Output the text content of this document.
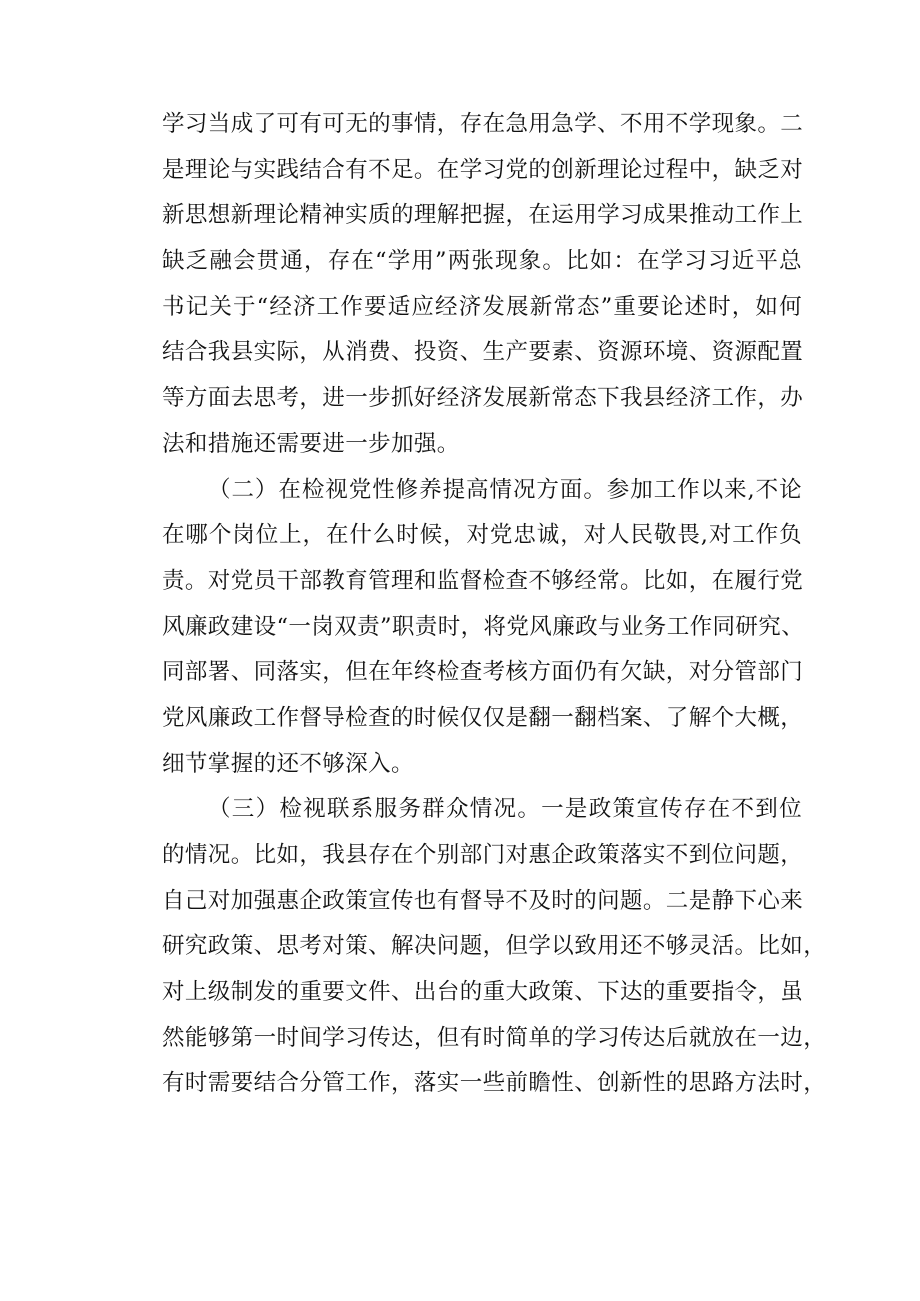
学习当成了可有可无的事情，存在急用急学、不用不学现象。二
是理论与实践结合有不足。在学习党的创新理论过程中，缺乏对
新思想新理论精神实质的理解把握，在运用学习成果推动工作上
缺乏融会贯通，存在“学用”两张现象。比如：在学习习近平总
书记关于“经济工作要适应经济发展新常态”重要论述时，如何
结合我县实际，从消费、投资、生产要素、资源环境、资源配置
等方面去思考，进一步抓好经济发展新常态下我县经济工作，办
法和措施还需要进一步加强。
（二）在检视党性修养提高情况方面。参加工作以来,不论
在哪个岗位上，在什么时候，对党忠诚，对人民敬畏,对工作负
责。对党员干部教育管理和监督检查不够经常。比如，在履行党
风廉政建设“一岗双责”职责时，将党风廉政与业务工作同研究、
同部署、同落实，但在年终检查考核方面仍有欠缺，对分管部门
党风廉政工作督导检查的时候仅仅是翻一翻档案、了解个大概，
细节掌握的还不够深入。
（三）检视联系服务群众情况。一是政策宣传存在不到位
的情况。比如，我县存在个别部门对惠企政策落实不到位问题，
自己对加强惠企政策宣传也有督导不及时的问题。二是静下心来
研究政策、思考对策、解决问题，但学以致用还不够灵活。比如，
对上级制发的重要文件、出台的重大政策、下达的重要指令，虽
然能够第一时间学习传达，但有时简单的学习传达后就放在一边，
有时需要结合分管工作，落实一些前瞻性、创新性的思路方法时，
